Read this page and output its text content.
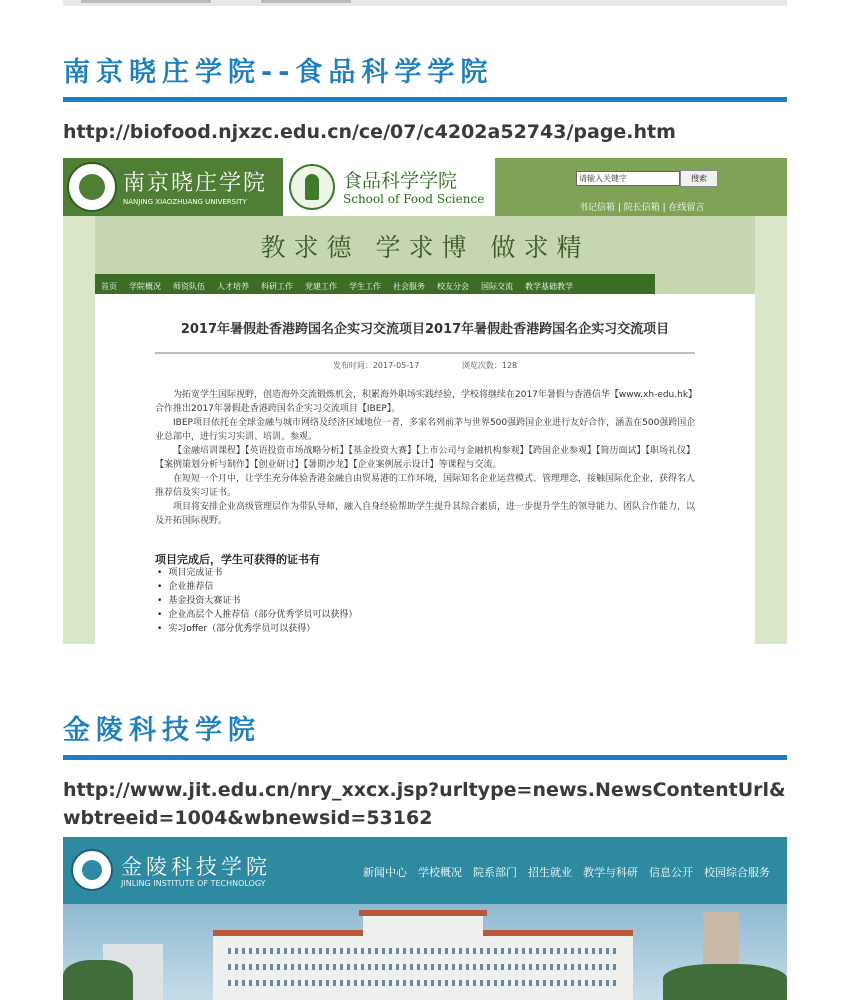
南京晓庄学院--食品科学学院
http://biofood.njxzc.edu.cn/ce/07/c4202a52743/page.htm
南京晓庄学院
NANJING XIAOZHUANG UNIVERSITY
食品科学学院
School of Food Science
请输入关键字	搜索
书记信箱 | 院长信箱 | 在线留言
教求德 学求博 做求精
首页 学院概况 师资队伍 人才培养 科研工作 党建工作 学生工作 社会服务 校友分会 国际交流 教学基础教学
2017年暑假赴香港跨国名企实习交流项目2017年暑假赴香港跨国名企实习交流项目
发布时间：2017-05-17	浏览次数：128

为拓宽学生国际视野，创造海外交流锻炼机会，积累海外职场实践经验，学校将继续在2017年暑假与香港信华【www.xh-edu.hk】合作推出2017年暑假赴香港跨国名企实习交流项目【IBEP】。

IBEP项目依托在全球金融与城市网络及经济区域地位一者，多家名列前茅与世界500强跨国企业进行友好合作，涵盖在500强跨国企业总部中，进行实习实训、培训、参观。

【金融培训课程】【英语投资市场战略分析】【基金投资大赛】【上市公司与金融机构参观】【跨国企业参观】【简历面试】【职场礼仪】【案例策划分析与制作】【创业研讨】【暑期沙龙】【企业案例展示设计】等课程与交流。

在短短一个月中，让学生充分体验香港金融自由贸易港的工作环境，国际知名企业运营模式、管理理念，接触国际化企业，获得名人推荐信及实习证书。

项目将安排企业高级管理层作为带队导师，融入自身经验帮助学生提升其综合素质，进一步提升学生的领导能力、团队合作能力，以及开拓国际视野。

项目完成后，学生可获得的证书有
• 项目完成证书
• 企业推荐信
• 基金投资大赛证书
• 企业高层个人推荐信（部分优秀学员可以获得）
• 实习offer（部分优秀学员可以获得）
金陵科技学院
http://www.jit.edu.cn/nry_xxcx.jsp?urltype=news.NewsContentUrl&wbtreeid=1004&wbnewsid=53162
金陵科技学院
JINLING INSTITUTE OF TECHNOLOGY
新闻中心 学校概况 院系部门 招生就业 教学与科研 信息公开 校园综合服务
